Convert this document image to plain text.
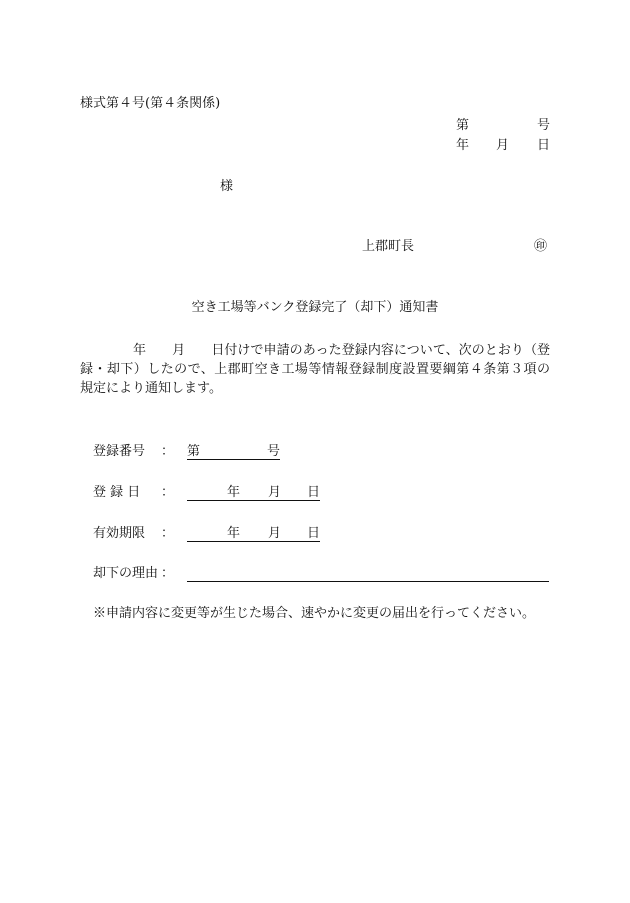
様式第４号(第４条関係)
第	号
年 月 日
様
上郡町長	㊞
空き工場等バンク登録完了（却下）通知書
年　　月　　日付けで申請のあった登録内容について、次のとおり（登
録・却下）したので、上郡町空き工場等情報登録制度設置要綱第４条第３項の
規定により通知します。
登録番号 ： 第	号
登 録 日 ：	年 月 日
有効期限 ：	年 月 日
却下の理由 ：
※申請内容に変更等が生じた場合、速やかに変更の届出を行ってください。
